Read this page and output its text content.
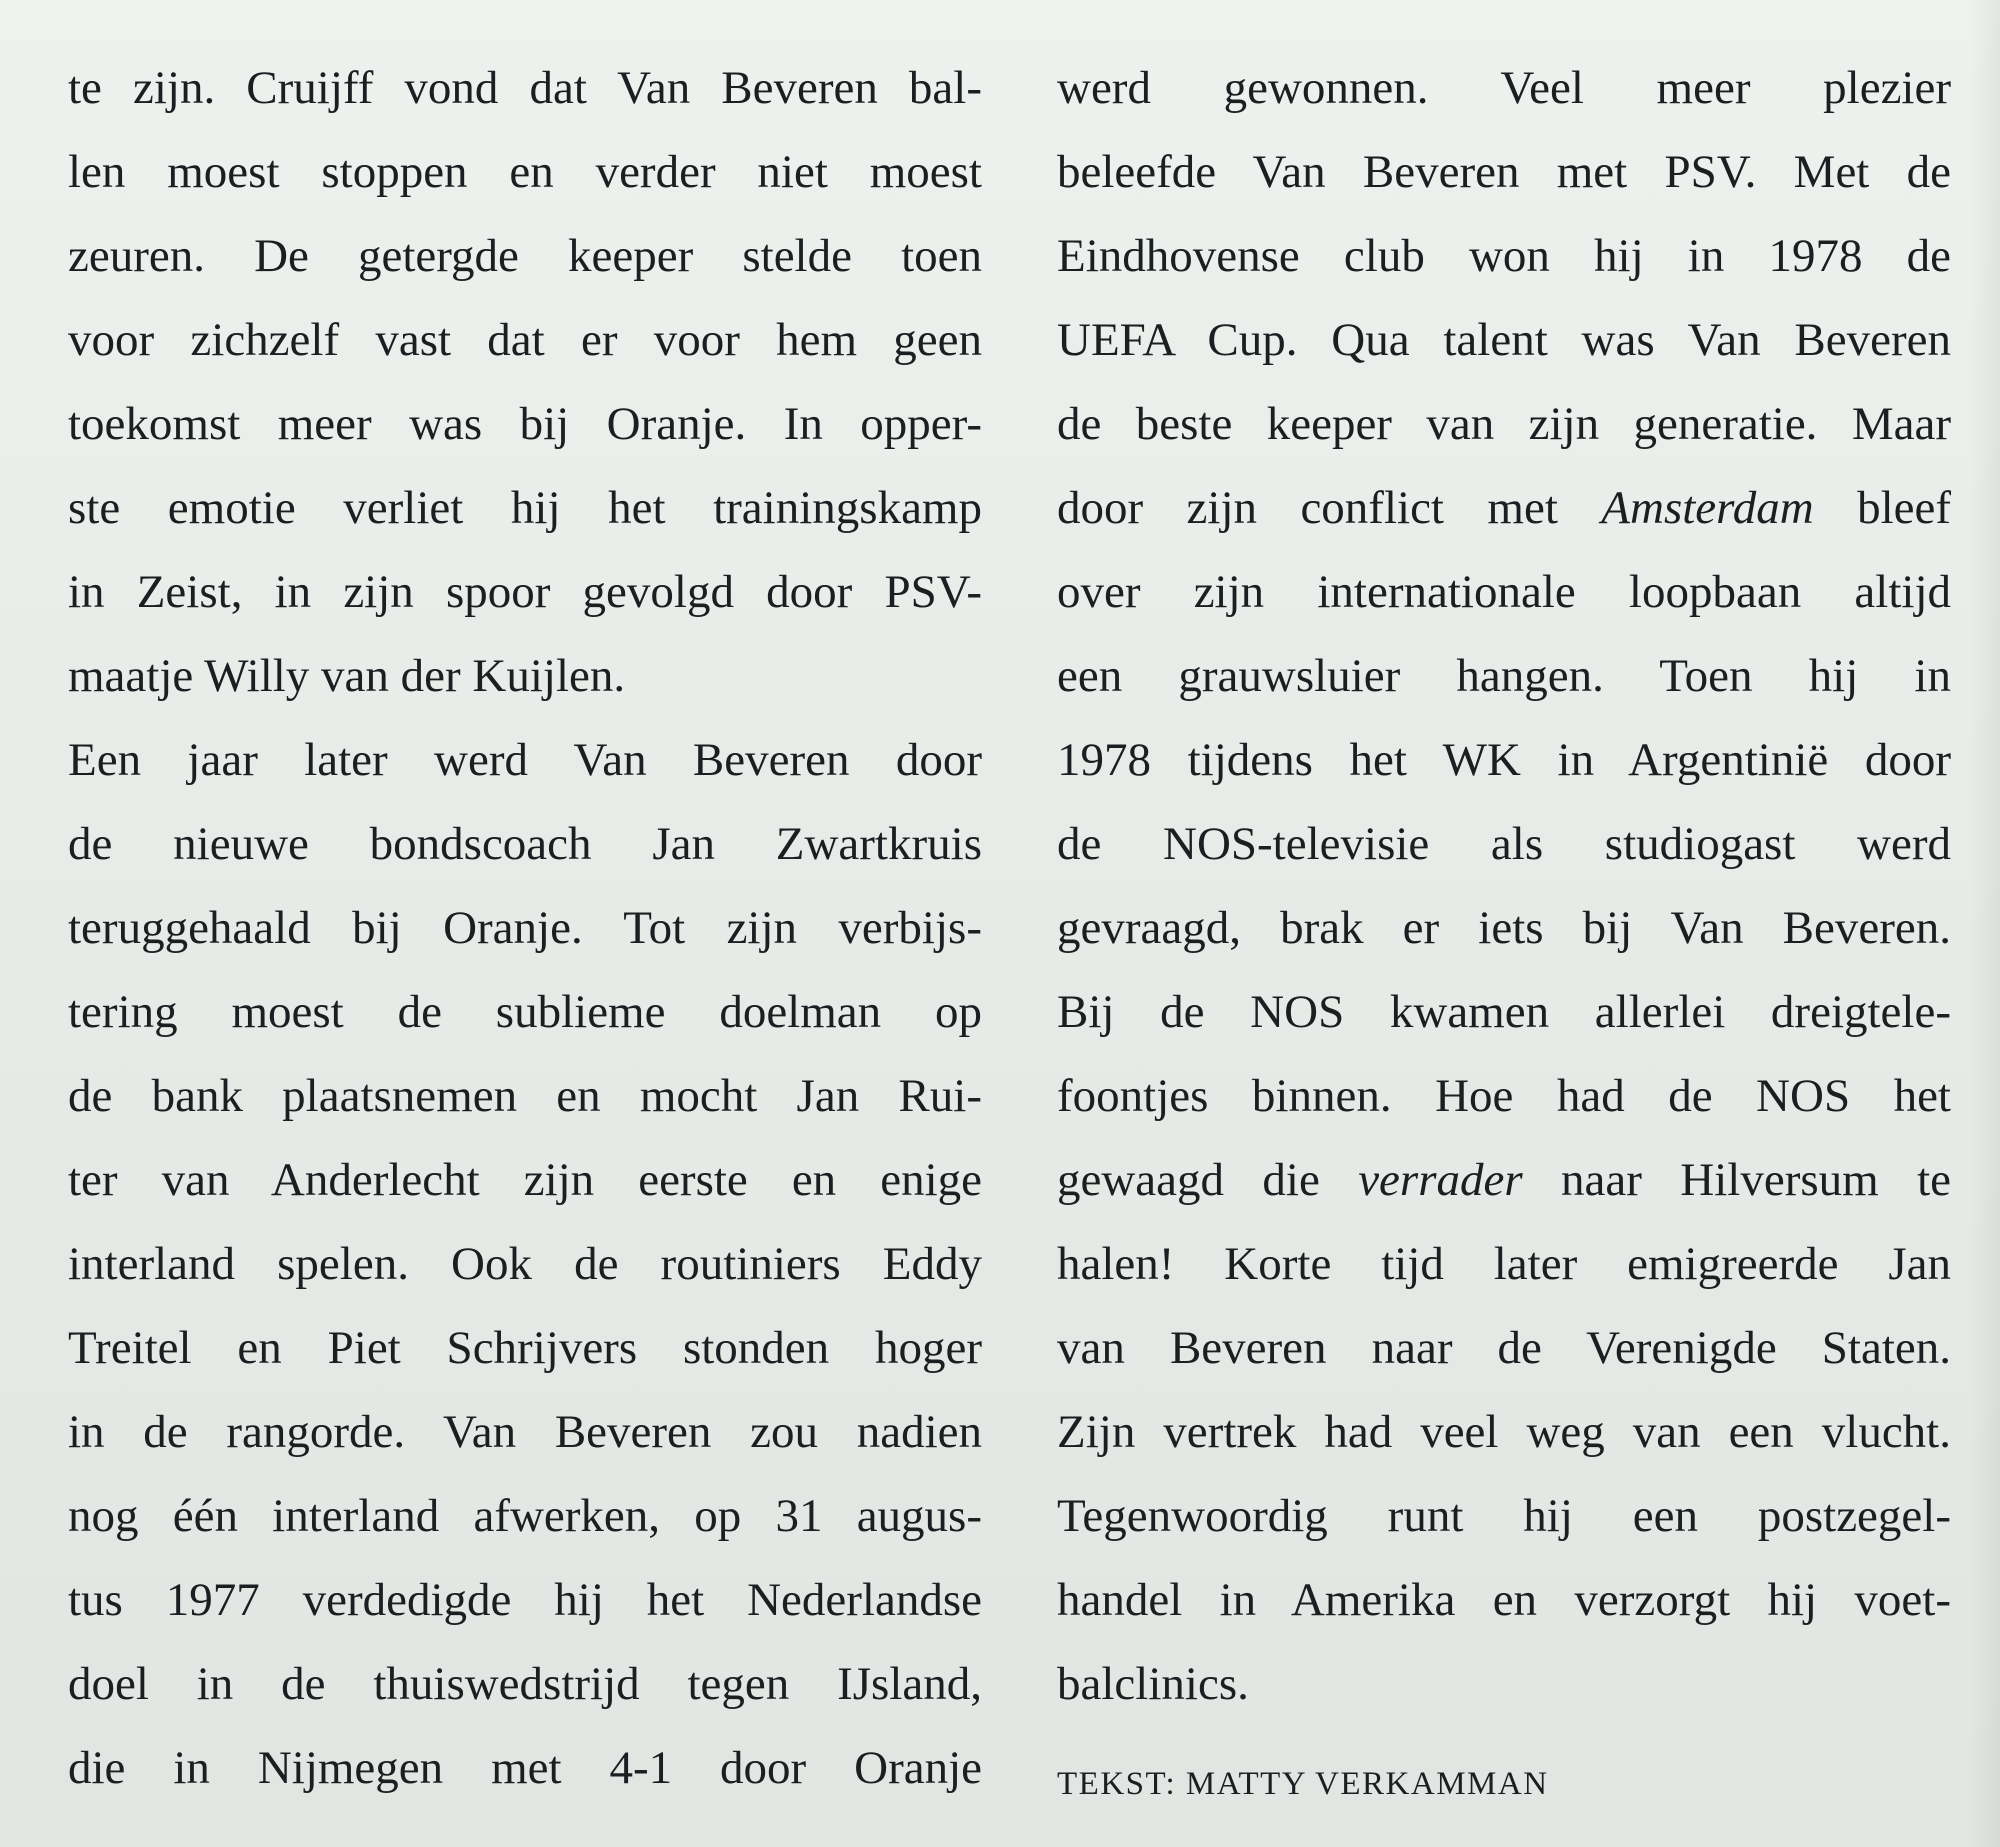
te zijn. Cruijff vond dat Van Beveren bal-
len moest stoppen en verder niet moest
zeuren. De getergde keeper stelde toen
voor zichzelf vast dat er voor hem geen
toekomst meer was bij Oranje. In opper-
ste emotie verliet hij het trainingskamp
in Zeist, in zijn spoor gevolgd door PSV-
maatje Willy van der Kuijlen.
Een jaar later werd Van Beveren door
de nieuwe bondscoach Jan Zwartkruis
teruggehaald bij Oranje. Tot zijn verbijs-
tering moest de sublieme doelman op
de bank plaatsnemen en mocht Jan Rui-
ter van Anderlecht zijn eerste en enige
interland spelen. Ook de routiniers Eddy
Treitel en Piet Schrijvers stonden hoger
in de rangorde. Van Beveren zou nadien
nog één interland afwerken, op 31 augus-
tus 1977 verdedigde hij het Nederlandse
doel in de thuiswedstrijd tegen IJsland,
die in Nijmegen met 4-1 door Oranje
werd gewonnen. Veel meer plezier
beleefde Van Beveren met PSV. Met de
Eindhovense club won hij in 1978 de
UEFA Cup. Qua talent was Van Beveren
de beste keeper van zijn generatie. Maar
door zijn conflict met Amsterdam bleef
over zijn internationale loopbaan altijd
een grauwsluier hangen. Toen hij in
1978 tijdens het WK in Argentinië door
de NOS-televisie als studiogast werd
gevraagd, brak er iets bij Van Beveren.
Bij de NOS kwamen allerlei dreigtele-
foontjes binnen. Hoe had de NOS het
gewaagd die verrader naar Hilversum te
halen! Korte tijd later emigreerde Jan
van Beveren naar de Verenigde Staten.
Zijn vertrek had veel weg van een vlucht.
Tegenwoordig runt hij een postzegel-
handel in Amerika en verzorgt hij voet-
balclinics.
TEKST: MATTY VERKAMMAN
